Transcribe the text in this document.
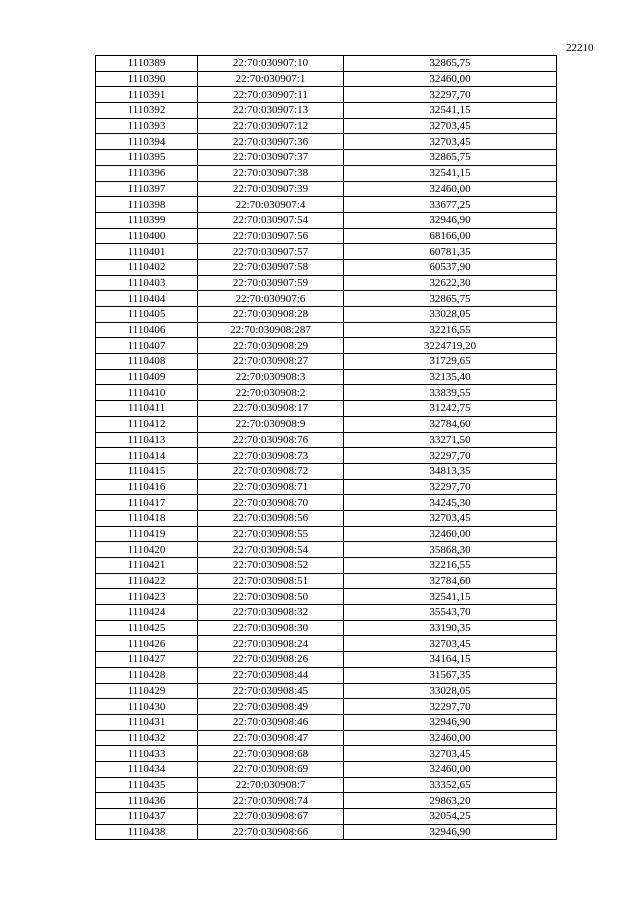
22210
1110389	22:70:030907:10	32865,75
1110390	22:70:030907:1	32460,00
1110391	22:70:030907:11	32297,70
1110392	22:70:030907:13	32541,15
1110393	22:70:030907:12	32703,45
1110394	22:70:030907:36	32703,45
1110395	22:70:030907:37	32865,75
1110396	22:70:030907:38	32541,15
1110397	22:70:030907:39	32460,00
1110398	22:70:030907:4	33677,25
1110399	22:70:030907:54	32946,90
1110400	22:70:030907:56	68166,00
1110401	22:70:030907:57	60781,35
1110402	22:70:030907:58	60537,90
1110403	22:70:030907:59	32622,30
1110404	22:70:030907:6	32865,75
1110405	22:70:030908:28	33028,05
1110406	22:70:030908:287	32216,55
1110407	22:70:030908:29	3224719,20
1110408	22:70:030908:27	31729,65
1110409	22:70:030908:3	32135,40
1110410	22:70:030908:2	33839,55
1110411	22:70:030908:17	31242,75
1110412	22:70:030908:9	32784,60
1110413	22:70:030908:76	33271,50
1110414	22:70:030908:73	32297,70
1110415	22:70:030908:72	34813,35
1110416	22:70:030908:71	32297,70
1110417	22:70:030908:70	34245,30
1110418	22:70:030908:56	32703,45
1110419	22:70:030908:55	32460,00
1110420	22:70:030908:54	35868,30
1110421	22:70:030908:52	32216,55
1110422	22:70:030908:51	32784,60
1110423	22:70:030908:50	32541,15
1110424	22:70:030908:32	35543,70
1110425	22:70:030908:30	33190,35
1110426	22:70:030908:24	32703,45
1110427	22:70:030908:26	34164,15
1110428	22:70:030908:44	31567,35
1110429	22:70:030908:45	33028,05
1110430	22:70:030908:49	32297,70
1110431	22:70:030908:46	32946,90
1110432	22:70:030908:47	32460,00
1110433	22:70:030908:68	32703,45
1110434	22:70:030908:69	32460,00
1110435	22:70:030908:7	33352,65
1110436	22:70:030908:74	29863,20
1110437	22:70:030908:67	32054,25
1110438	22:70:030908:66	32946,90
